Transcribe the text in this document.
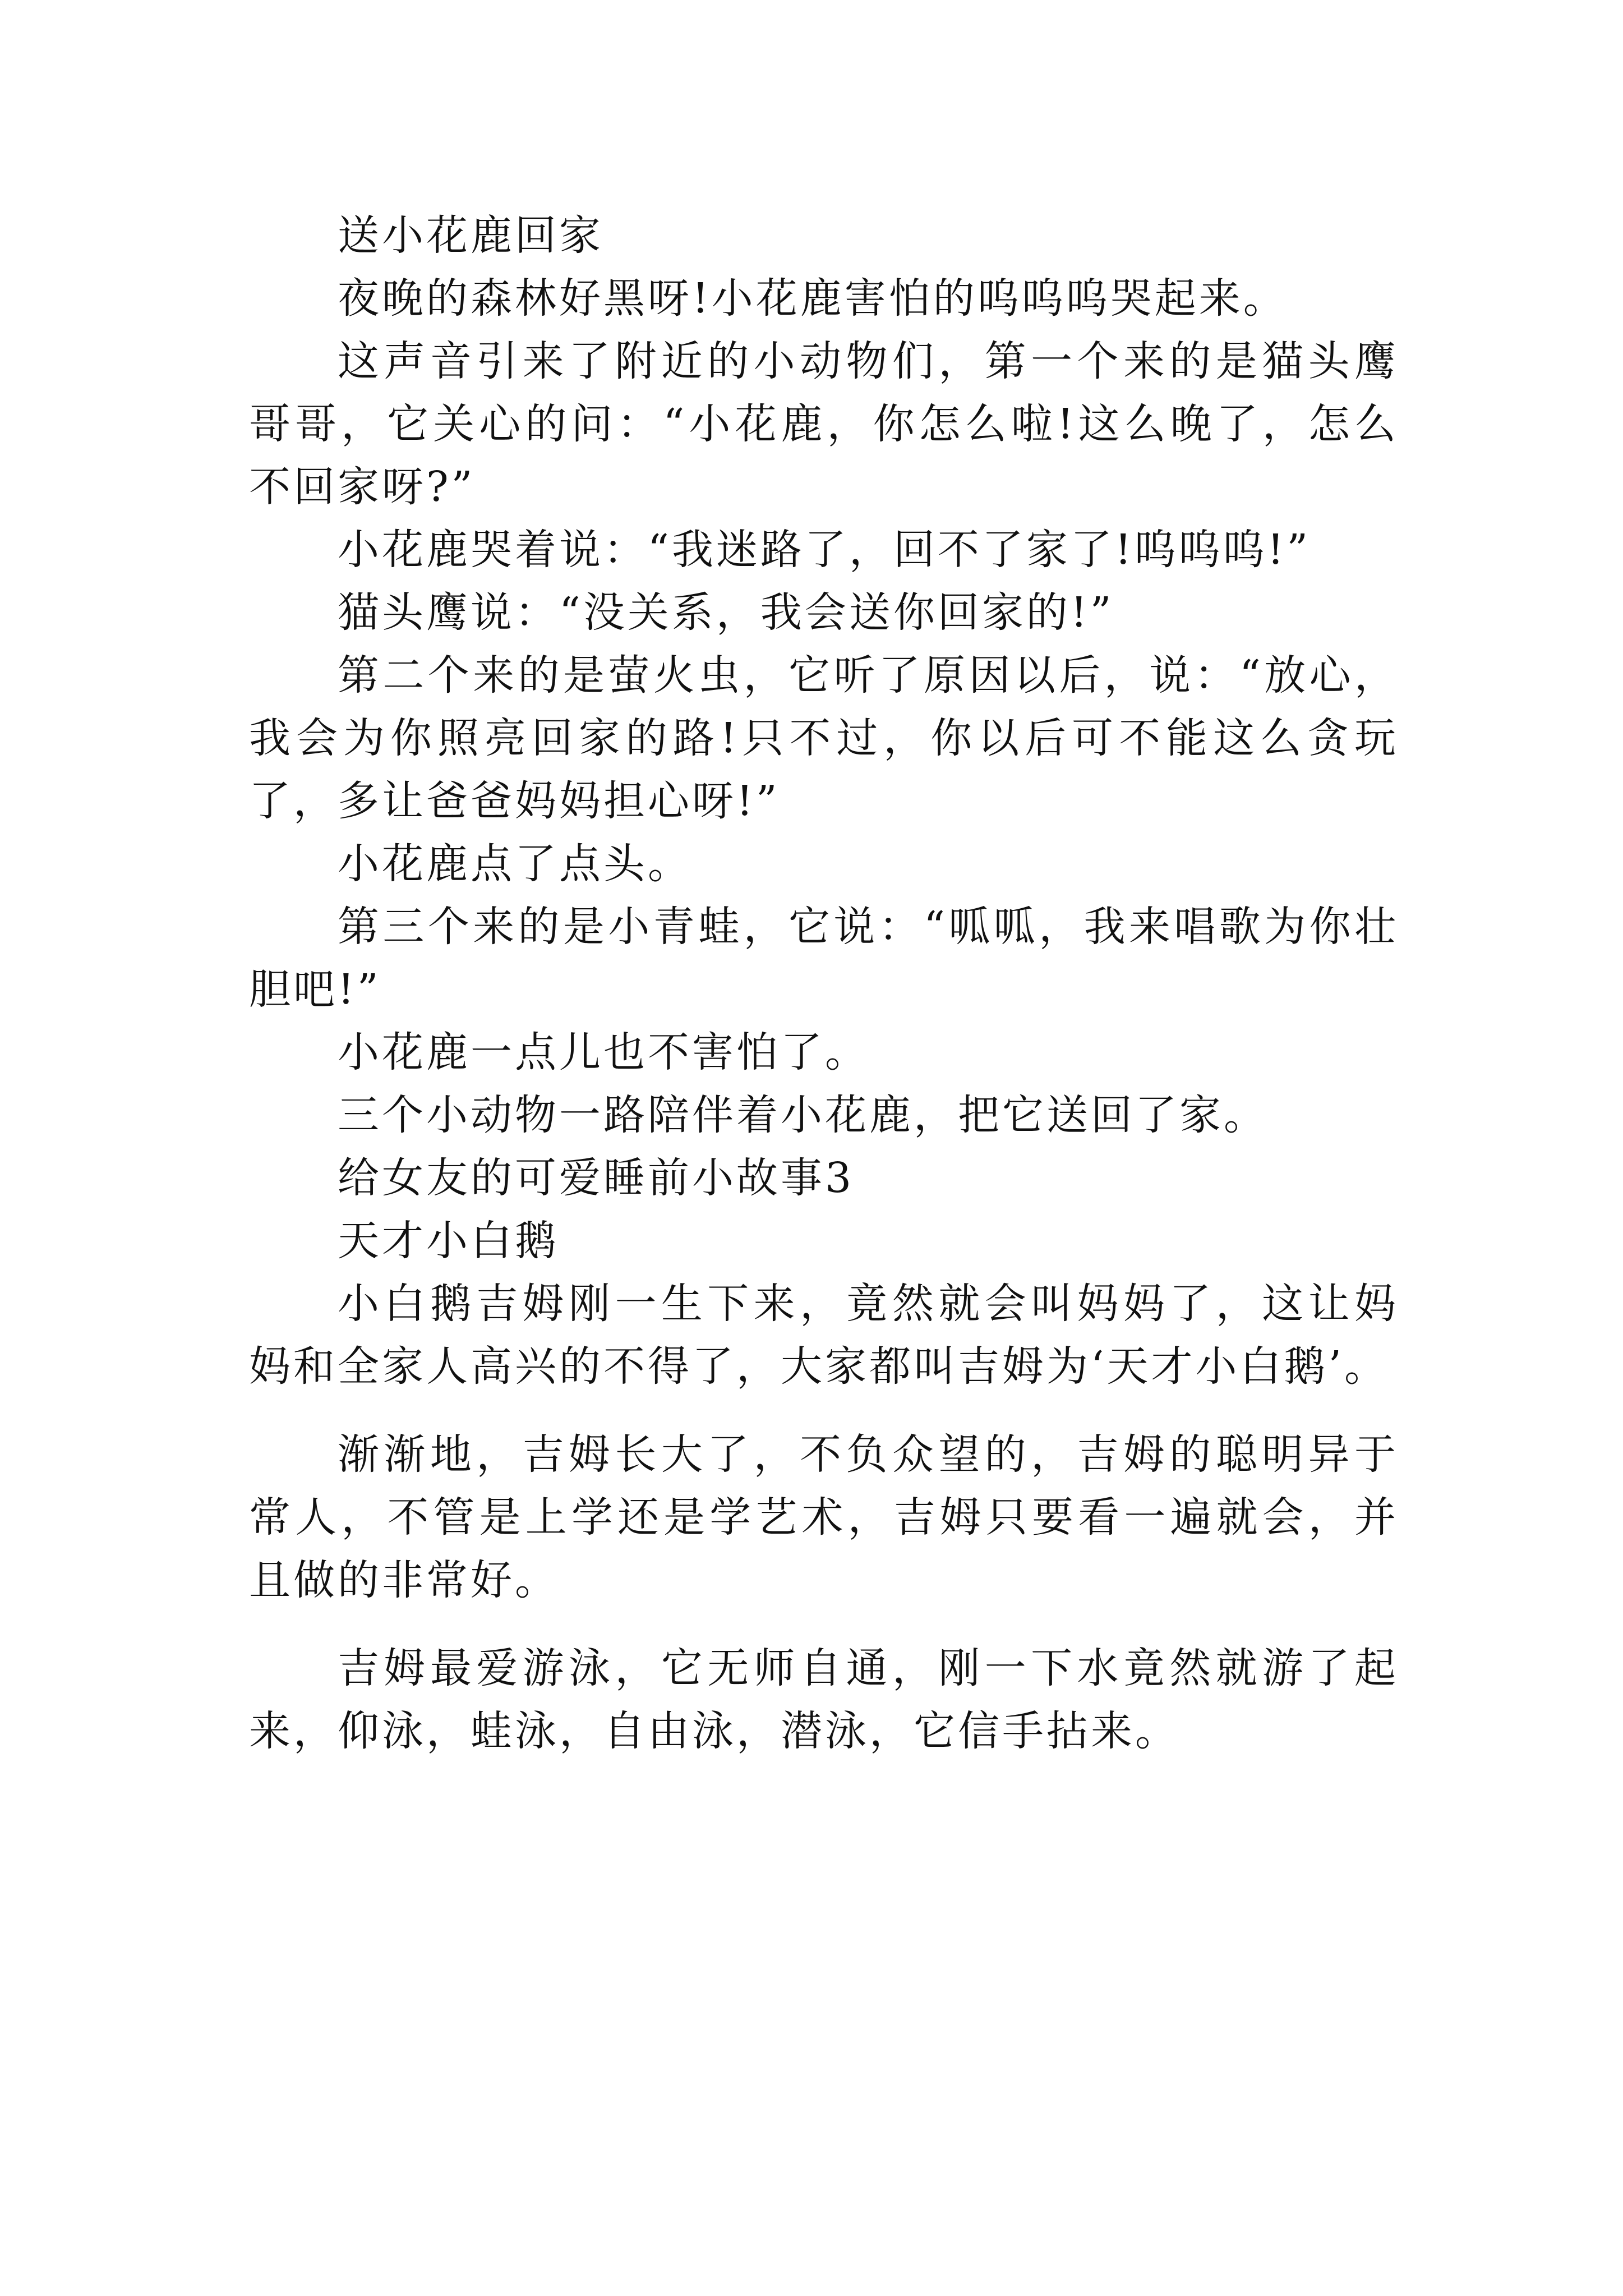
送小花鹿回家

夜晚的森林好黑呀!小花鹿害怕的呜呜呜哭起来。

这声音引来了附近的小动物们，第一个来的是猫头鹰哥哥，它关心的问：“小花鹿，你怎么啦!这么晚了，怎么不回家呀?”

小花鹿哭着说：“我迷路了，回不了家了!呜呜呜!”

猫头鹰说：“没关系，我会送你回家的!”

第二个来的是萤火虫，它听了原因以后，说：“放心，我会为你照亮回家的路!只不过，你以后可不能这么贪玩了，多让爸爸妈妈担心呀!”

小花鹿点了点头。

第三个来的是小青蛙，它说：“呱呱，我来唱歌为你壮胆吧!”

小花鹿一点儿也不害怕了。

三个小动物一路陪伴着小花鹿，把它送回了家。

给女友的可爱睡前小故事3

天才小白鹅

小白鹅吉姆刚一生下来，竟然就会叫妈妈了，这让妈妈和全家人高兴的不得了，大家都叫吉姆为‘天才小白鹅’。

渐渐地，吉姆长大了，不负众望的，吉姆的聪明异于常人，不管是上学还是学艺术，吉姆只要看一遍就会，并且做的非常好。

吉姆最爱游泳，它无师自通，刚一下水竟然就游了起来，仰泳，蛙泳，自由泳，潜泳，它信手拈来。
